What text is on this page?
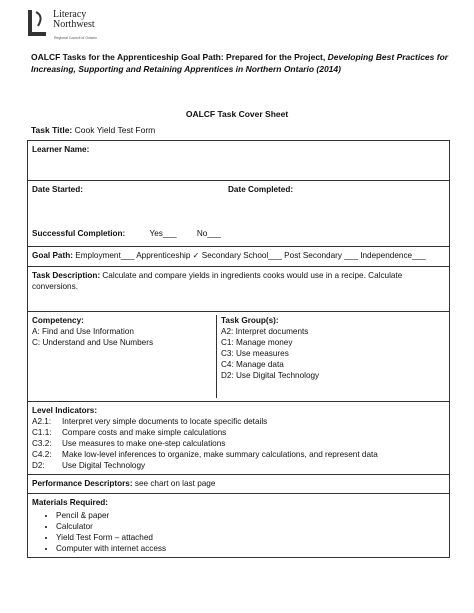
Literacy
Northwest
Regional Council of Ontario
OALCF Tasks for the Apprenticeship Goal Path: Prepared for the Project, Developing Best Practices for Increasing, Supporting and Retaining Apprentices in Northern Ontario (2014)
OALCF Task Cover Sheet
Task Title: Cook Yield Test Form
Learner Name:
Date Started:	Date Completed:
Successful Completion:	Yes___ No___
Goal Path: Employment___ Apprenticeship ✓ Secondary School___ Post Secondary ___ Independence___
Task Description: Calculate and compare yields in ingredients cooks would use in a recipe. Calculate conversions.

Competency:
A: Find and Use Information
C: Understand and Use Numbers
Task Group(s):
A2: Interpret documents
C1: Manage money
C3: Use measures
C4: Manage data
D2: Use Digital Technology

Level Indicators:
A2.1:	Interpret very simple documents to locate specific details
C1.1:	Compare costs and make simple calculations
C3.2:	Use measures to make one-step calculations
C4.2:	Make low-level inferences to organize, make summary calculations, and represent data
D2:	Use Digital Technology

Performance Descriptors: see chart on last page

Materials Required:
• Pencil & paper
• Calculator
• Yield Test Form – attached
• Computer with internet access
